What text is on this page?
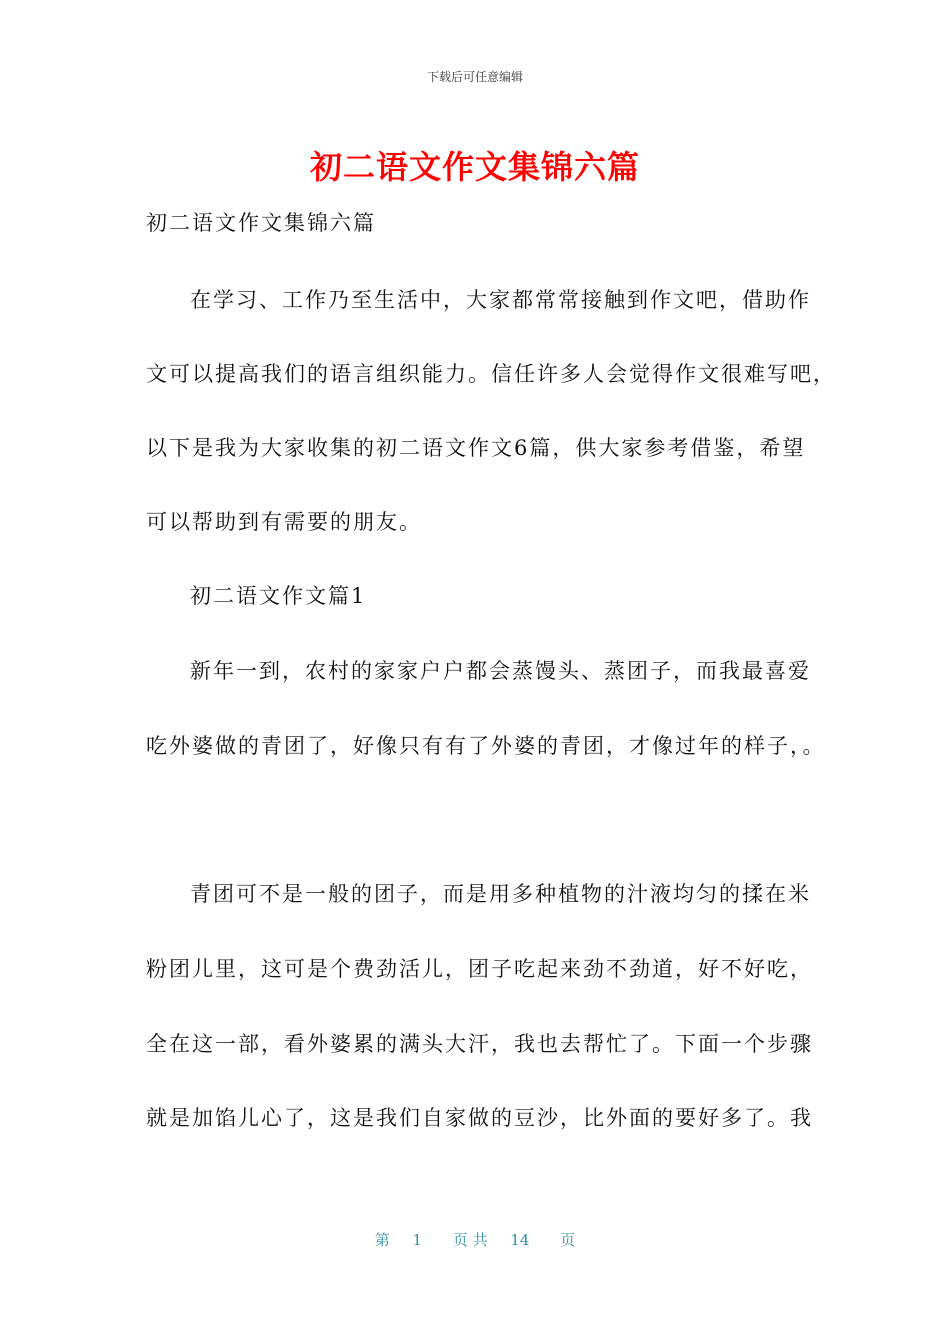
下载后可任意编辑
初二语文作文集锦六篇
初二语文作文集锦六篇
在学习、工作乃至生活中，大家都常常接触到作文吧，借助作
文可以提高我们的语言组织能力。信任许多人会觉得作文很难写吧，
以下是我为大家收集的初二语文作文6篇，供大家参考借鉴，希望
可以帮助到有需要的朋友。
初二语文作文篇1
新年一到，农村的家家户户都会蒸馒头、蒸团子，而我最喜爱
吃外婆做的青团了，好像只有有了外婆的青团，才像过年的样子，。
青团可不是一般的团子，而是用多种植物的汁液均匀的揉在米
粉团儿里，这可是个费劲活儿，团子吃起来劲不劲道，好不好吃，
全在这一部，看外婆累的满头大汗，我也去帮忙了。下面一个步骤
就是加馅儿心了，这是我们自家做的豆沙，比外面的要好多了。我
第 1 页 共 14 页
